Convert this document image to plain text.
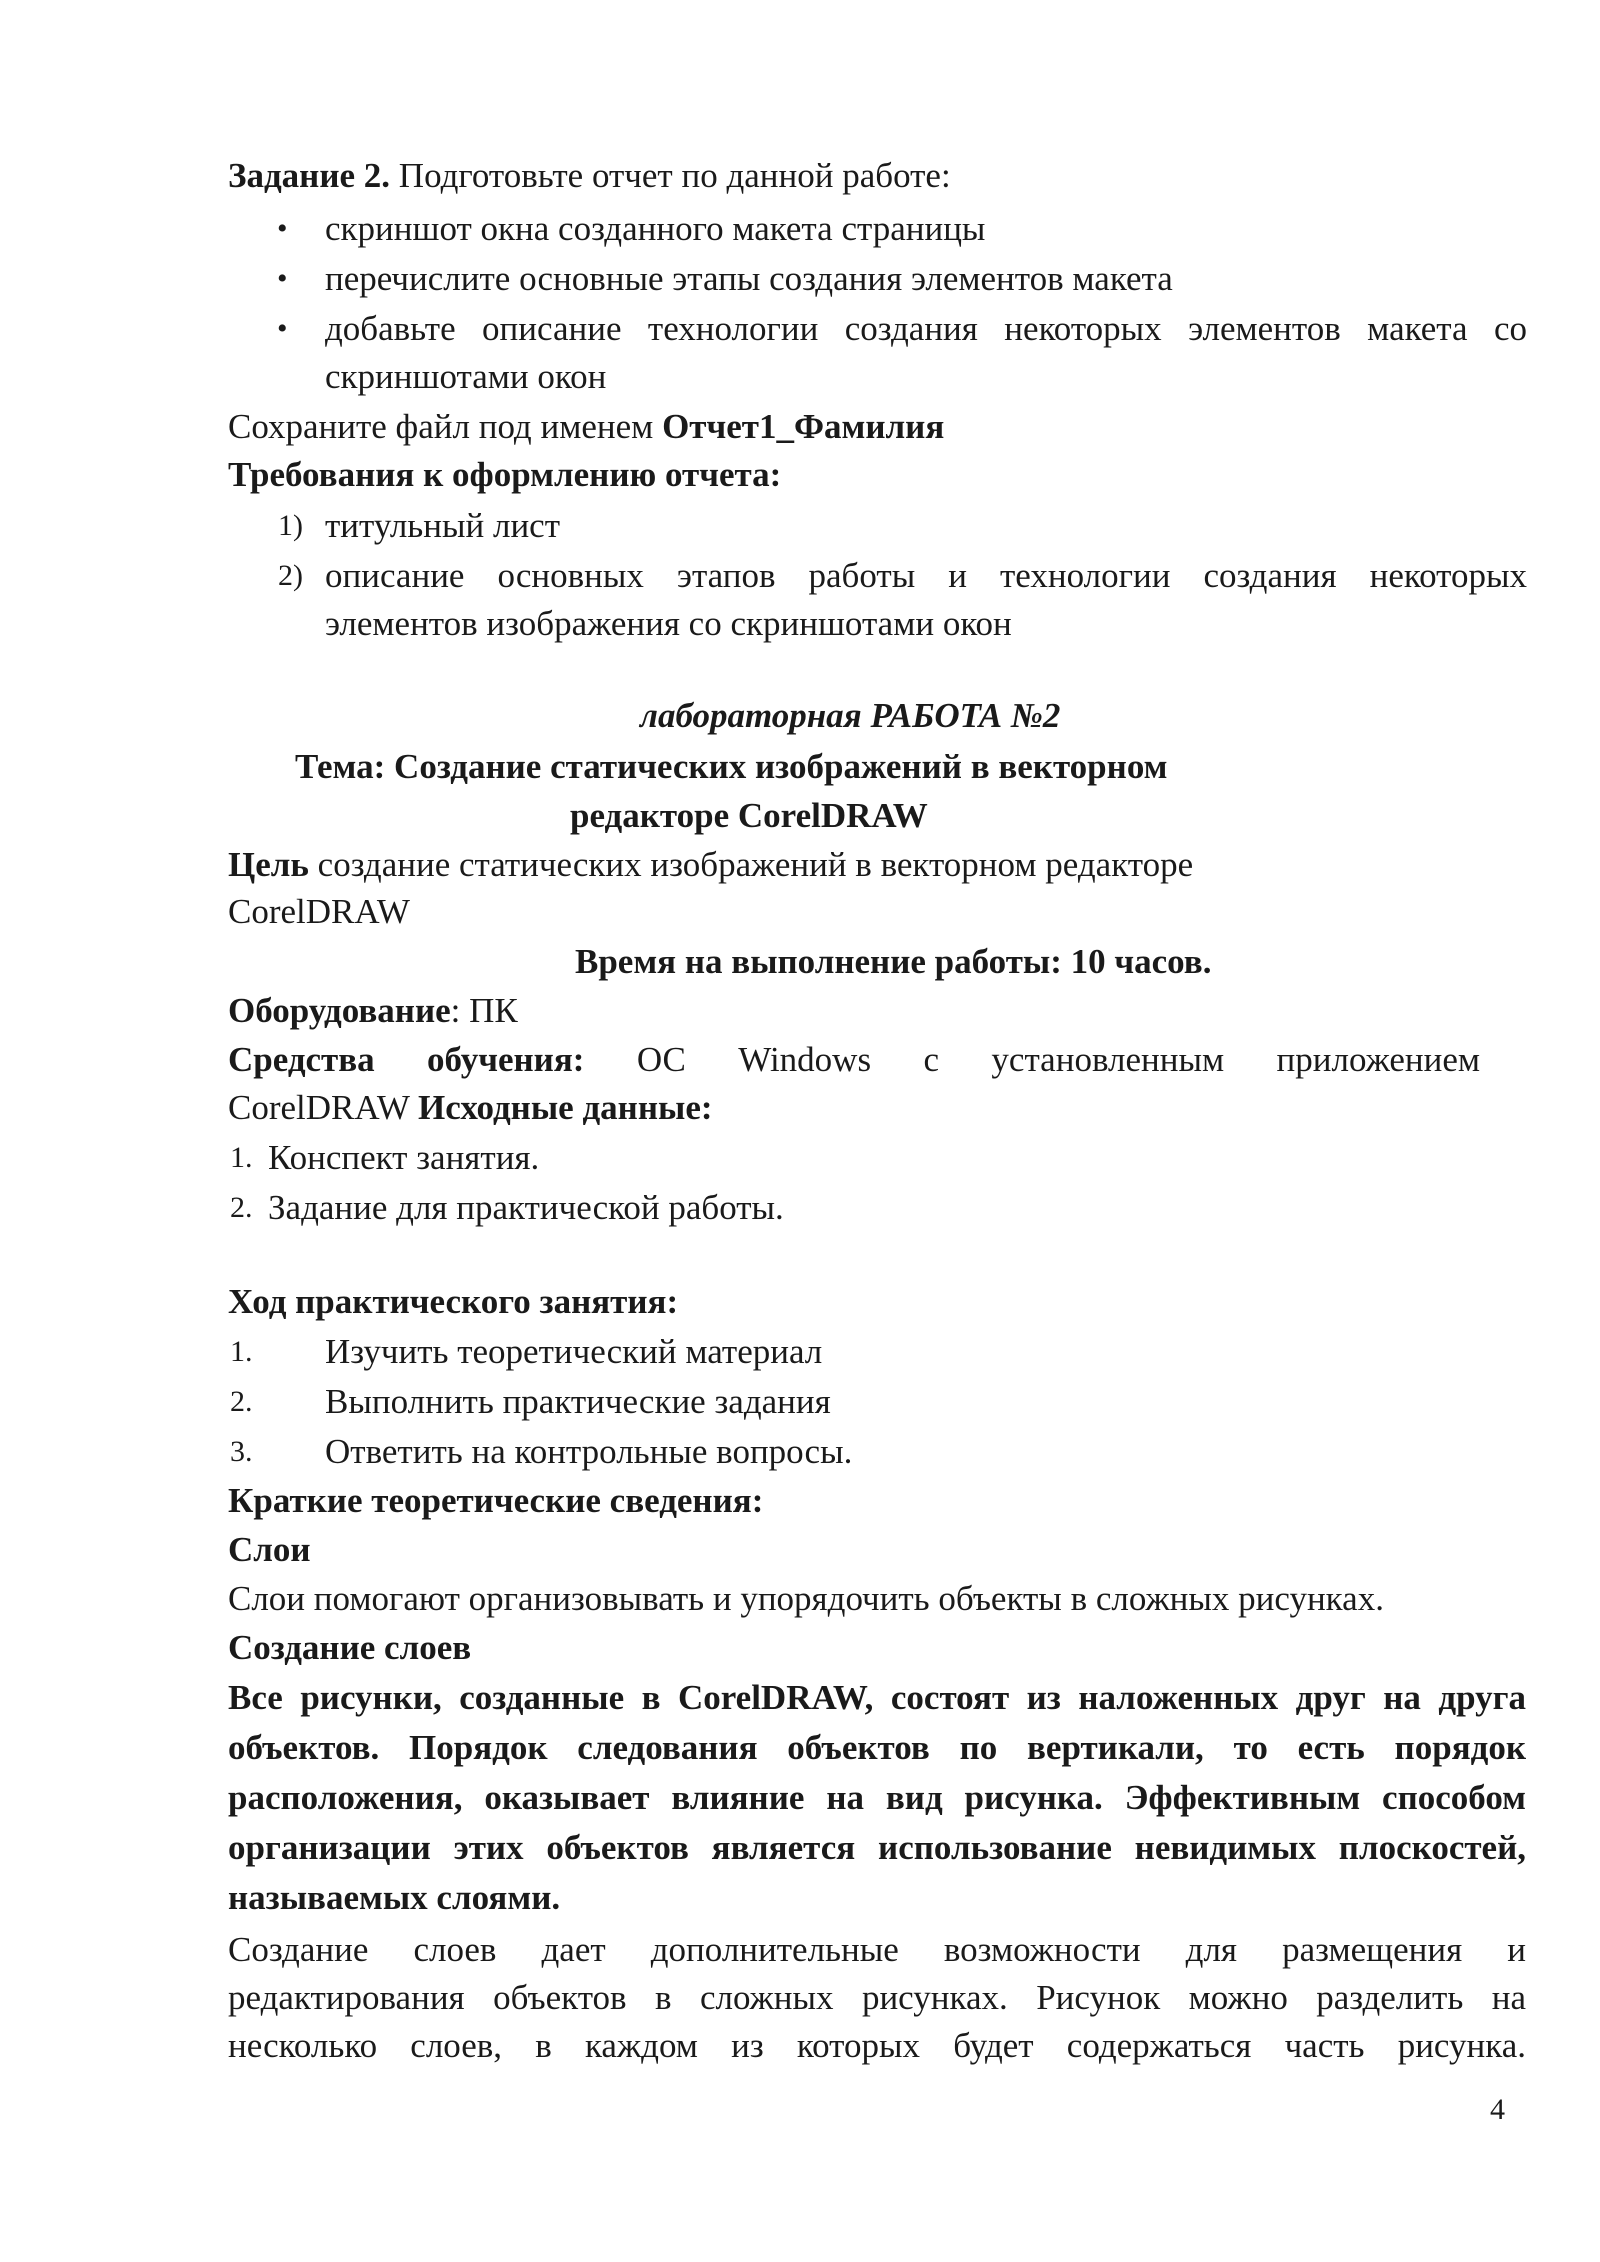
Задание 2. Подготовьте отчет по данной работе:
• скриншот окна созданного макета страницы
• перечислите основные этапы создания элементов макета
• добавьте описание технологии создания некоторых элементов макета со
скриншотами окон
Сохраните файл под именем Отчет1_Фамилия
Требования к оформлению отчета:
1) титульный лист
2) описание основных этапов работы и технологии создания некоторых
элементов изображения со скриншотами окон
лабораторная РАБОТА №2
Тема: Создание статических изображений в векторном
редакторе CorelDRAW
Цель создание статических изображений в векторном редакторе
CorelDRAW
Время на выполнение работы: 10 часов.
Оборудование: ПК
Средства обучения: ОС Windows с установленным приложением
CorelDRAW Исходные данные:
1. Конспект занятия.
2. Задание для практической работы.
Ход практического занятия:
1. Изучить теоретический материал
2. Выполнить практические задания
3. Ответить на контрольные вопросы.
Краткие теоретические сведения:
Слои
Слои помогают организовывать и упорядочить объекты в сложных рисунках.
Создание слоев
Все рисунки, созданные в CorelDRAW, состоят из наложенных друг на друга
объектов. Порядок следования объектов по вертикали, то есть порядок
расположения, оказывает влияние на вид рисунка. Эффективным способом
организации этих объектов является использование невидимых плоскостей,
называемых слоями.
Создание слоев дает дополнительные возможности для размещения и
редактирования объектов в сложных рисунках. Рисунок можно разделить на
несколько слоев, в каждом из которых будет содержаться часть рисунка.
4
